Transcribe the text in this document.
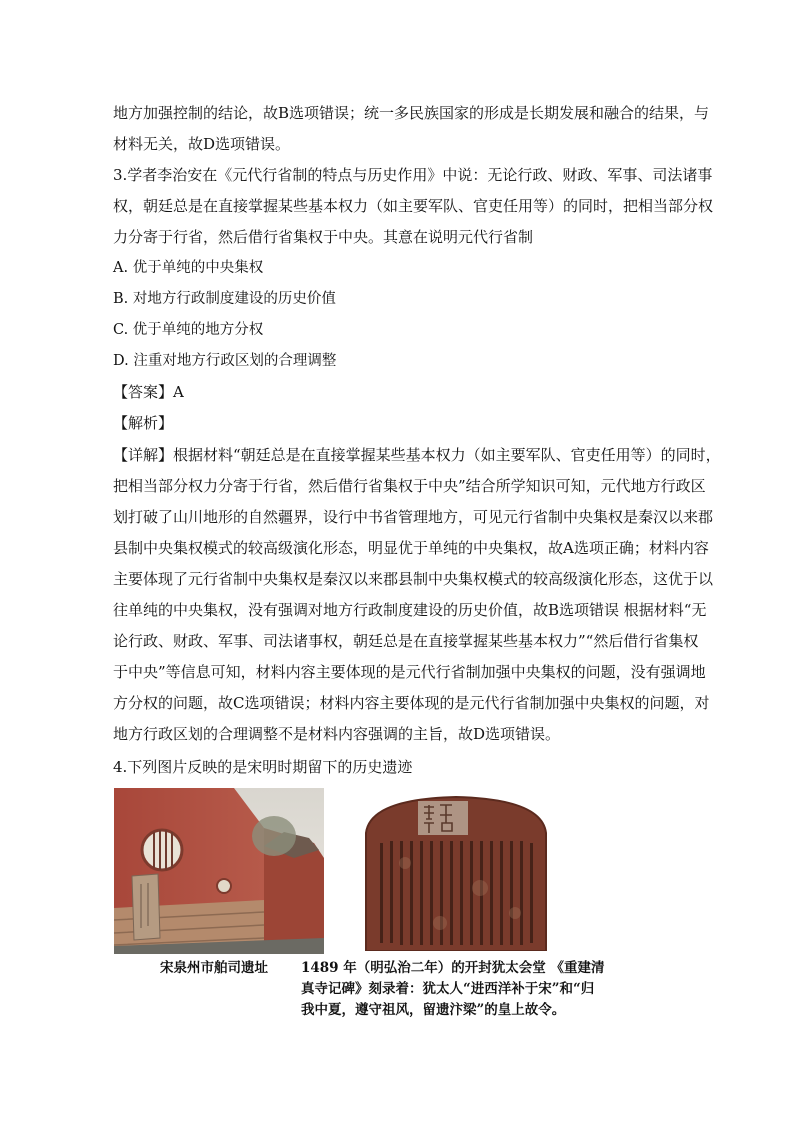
地方加强控制的结论，故B选项错误；统一多民族国家的形成是长期发展和融合的结果，与
材料无关，故D选项错误。
3.学者李治安在《元代行省制的特点与历史作用》中说：无论行政、财政、军事、司法诸事
权，朝廷总是在直接掌握某些基本权力（如主要军队、官吏任用等）的同时，把相当部分权
力分寄于行省，然后借行省集权于中央。其意在说明元代行省制
A. 优于单纯的中央集权
B. 对地方行政制度建设的历史价值
C. 优于单纯的地方分权
D. 注重对地方行政区划的合理调整
【答案】A
【解析】
【详解】根据材料“朝廷总是在直接掌握某些基本权力（如主要军队、官吏任用等）的同时，
把相当部分权力分寄于行省，然后借行省集权于中央”结合所学知识可知，元代地方行政区
划打破了山川地形的自然疆界，设行中书省管理地方，可见元行省制中央集权是秦汉以来郡
县制中央集权模式的较高级演化形态，明显优于单纯的中央集权，故A选项正确；材料内容
主要体现了元行省制中央集权是秦汉以来郡县制中央集权模式的较高级演化形态，这优于以
往单纯的中央集权，没有强调对地方行政制度建设的历史价值，故B选项错误 根据材料“无
论行政、财政、军事、司法诸事权，朝廷总是在直接掌握某些基本权力”“然后借行省集权
于中央”等信息可知，材料内容主要体现的是元代行省制加强中央集权的问题，没有强调地
方分权的问题，故C选项错误；材料内容主要体现的是元代行省制加强中央集权的问题，对
地方行政区划的合理调整不是材料内容强调的主旨，故D选项错误。
4.下列图片反映的是宋明时期留下的历史遗迹
宋泉州市舶司遗址 1489 年（明弘治二年）的开封犹太会堂 《重建清
真寺记碑》刻录着：犹太人“进西洋补于宋”和“归
我中夏，遵守祖风，留遗汴梁”的皇上故令。
